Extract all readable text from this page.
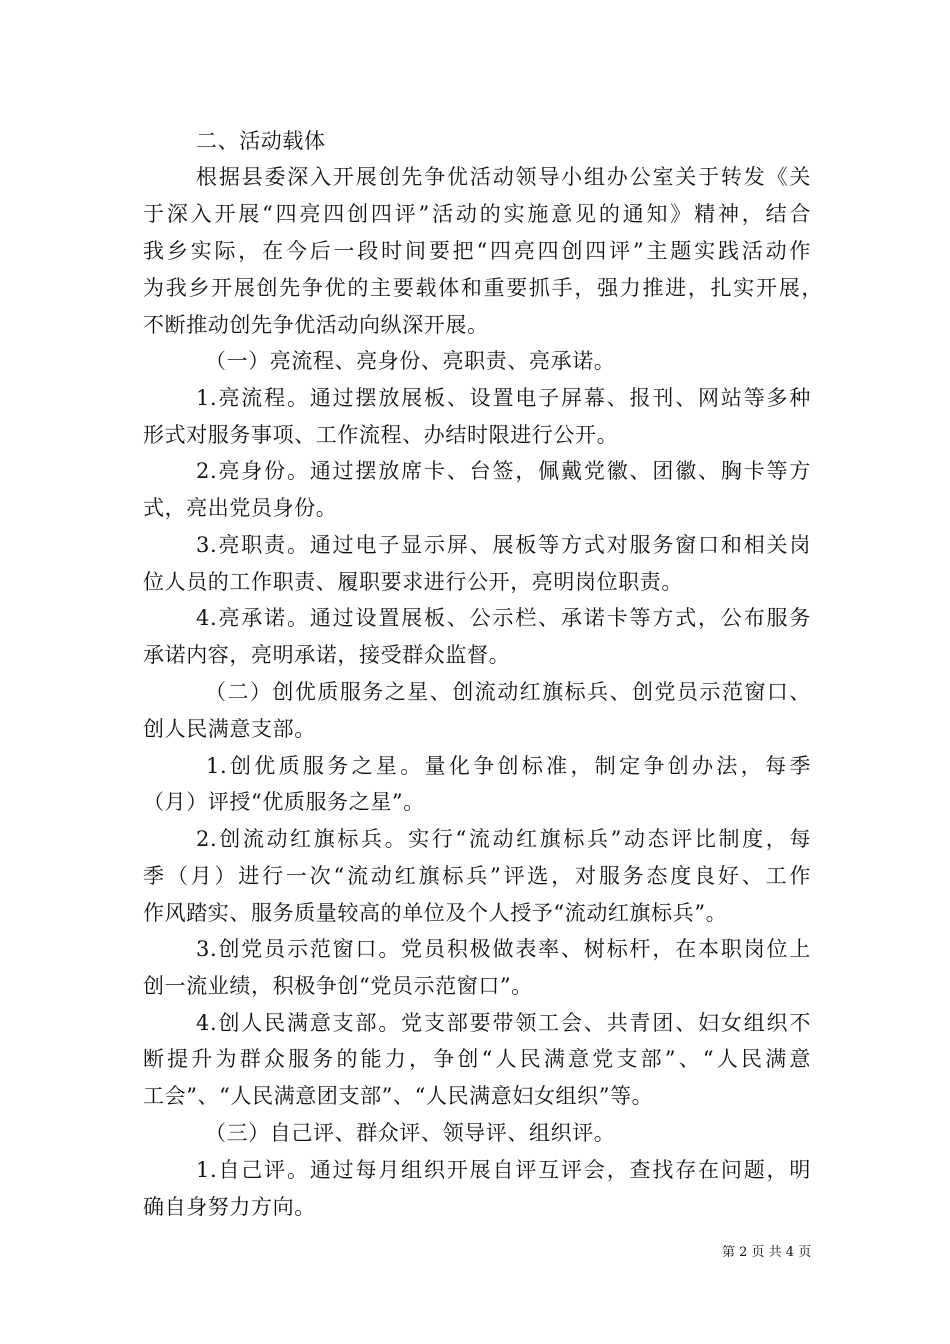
二、活动载体
根据县委深入开展创先争优活动领导小组办公室关于转发《关
于深入开展“四亮四创四评”活动的实施意见的通知》精神，结合
我乡实际，在今后一段时间要把“四亮四创四评”主题实践活动作
为我乡开展创先争优的主要载体和重要抓手，强力推进，扎实开展，
不断推动创先争优活动向纵深开展。
（一）亮流程、亮身份、亮职责、亮承诺。
1.亮流程。通过摆放展板、设置电子屏幕、报刊、网站等多种
形式对服务事项、工作流程、办结时限进行公开。
2.亮身份。通过摆放席卡、台签，佩戴党徽、团徽、胸卡等方
式，亮出党员身份。
3.亮职责。通过电子显示屏、展板等方式对服务窗口和相关岗
位人员的工作职责、履职要求进行公开，亮明岗位职责。
4.亮承诺。通过设置展板、公示栏、承诺卡等方式，公布服务
承诺内容，亮明承诺，接受群众监督。
（二）创优质服务之星、创流动红旗标兵、创党员示范窗口、
创人民满意支部。
1.创优质服务之星。量化争创标准，制定争创办法，每季
（月）评授“优质服务之星”。
2.创流动红旗标兵。实行“流动红旗标兵”动态评比制度，每
季（月）进行一次“流动红旗标兵”评选，对服务态度良好、工作
作风踏实、服务质量较高的单位及个人授予“流动红旗标兵”。
3.创党员示范窗口。党员积极做表率、树标杆，在本职岗位上
创一流业绩，积极争创“党员示范窗口”。
4.创人民满意支部。党支部要带领工会、共青团、妇女组织不
断提升为群众服务的能力，争创“人民满意党支部”、“人民满意
工会”、“人民满意团支部”、“人民满意妇女组织”等。
（三）自己评、群众评、领导评、组织评。
1.自己评。通过每月组织开展自评互评会，查找存在问题，明
确自身努力方向。
第 2 页 共 4 页
